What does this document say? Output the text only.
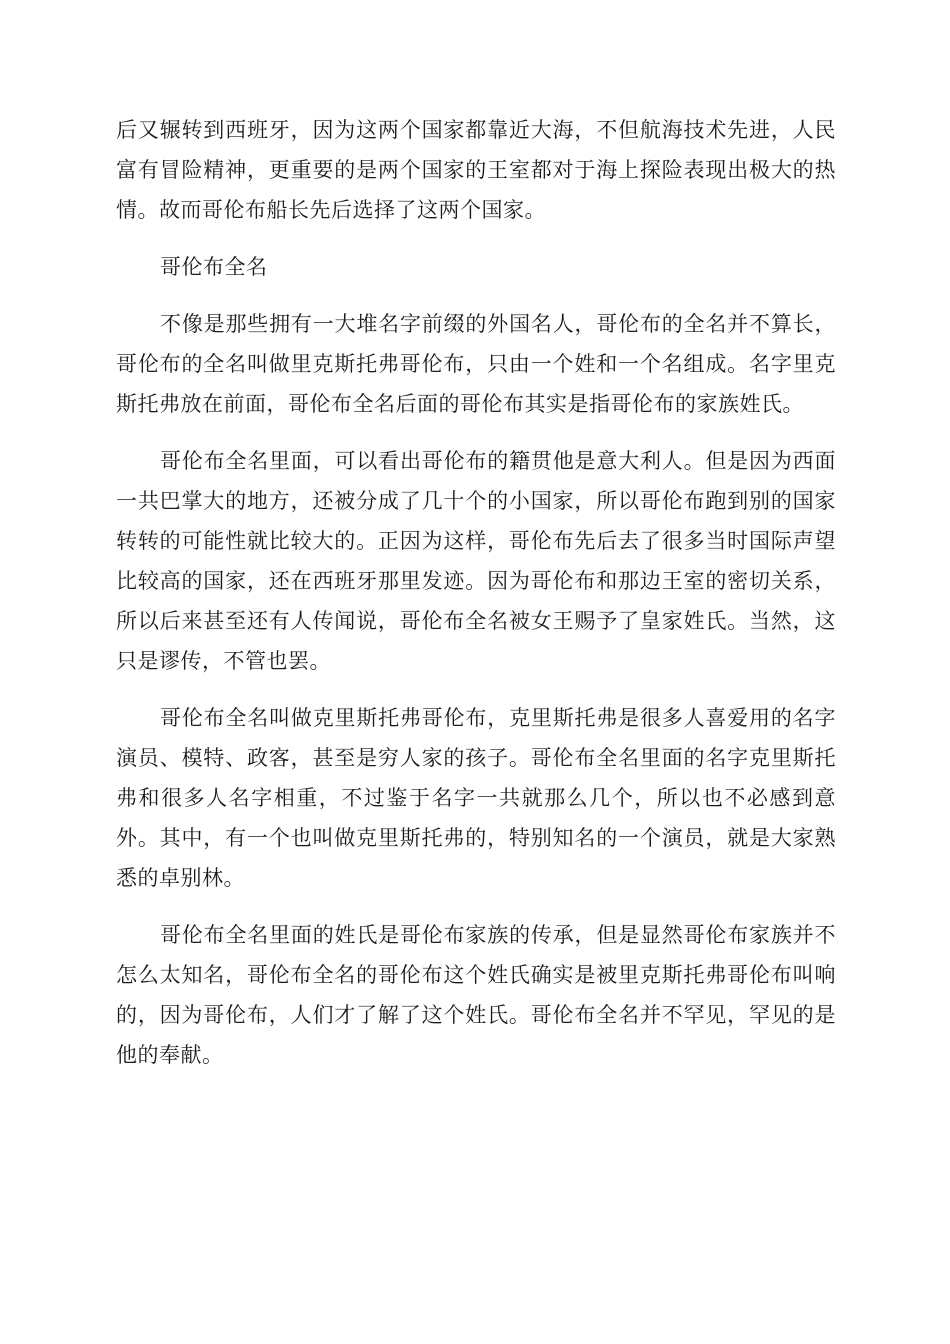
后又辗转到西班牙，因为这两个国家都靠近大海，不但航海技术先进，人民富有冒险精神，更重要的是两个国家的王室都对于海上探险表现出极大的热情。故而哥伦布船长先后选择了这两个国家。

哥伦布全名

不像是那些拥有一大堆名字前缀的外国名人，哥伦布的全名并不算长，哥伦布的全名叫做里克斯托弗哥伦布，只由一个姓和一个名组成。名字里克斯托弗放在前面，哥伦布全名后面的哥伦布其实是指哥伦布的家族姓氏。

哥伦布全名里面，可以看出哥伦布的籍贯他是意大利人。但是因为西面一共巴掌大的地方，还被分成了几十个的小国家，所以哥伦布跑到别的国家转转的可能性就比较大的。正因为这样，哥伦布先后去了很多当时国际声望比较高的国家，还在西班牙那里发迹。因为哥伦布和那边王室的密切关系，所以后来甚至还有人传闻说，哥伦布全名被女王赐予了皇家姓氏。当然，这只是谬传，不管也罢。

哥伦布全名叫做克里斯托弗哥伦布，克里斯托弗是很多人喜爱用的名字演员、模特、政客，甚至是穷人家的孩子。哥伦布全名里面的名字克里斯托弗和很多人名字相重，不过鉴于名字一共就那么几个，所以也不必感到意外。其中，有一个也叫做克里斯托弗的，特别知名的一个演员，就是大家熟悉的卓别林。

哥伦布全名里面的姓氏是哥伦布家族的传承，但是显然哥伦布家族并不怎么太知名，哥伦布全名的哥伦布这个姓氏确实是被里克斯托弗哥伦布叫响的，因为哥伦布，人们才了解了这个姓氏。哥伦布全名并不罕见，罕见的是他的奉献。
